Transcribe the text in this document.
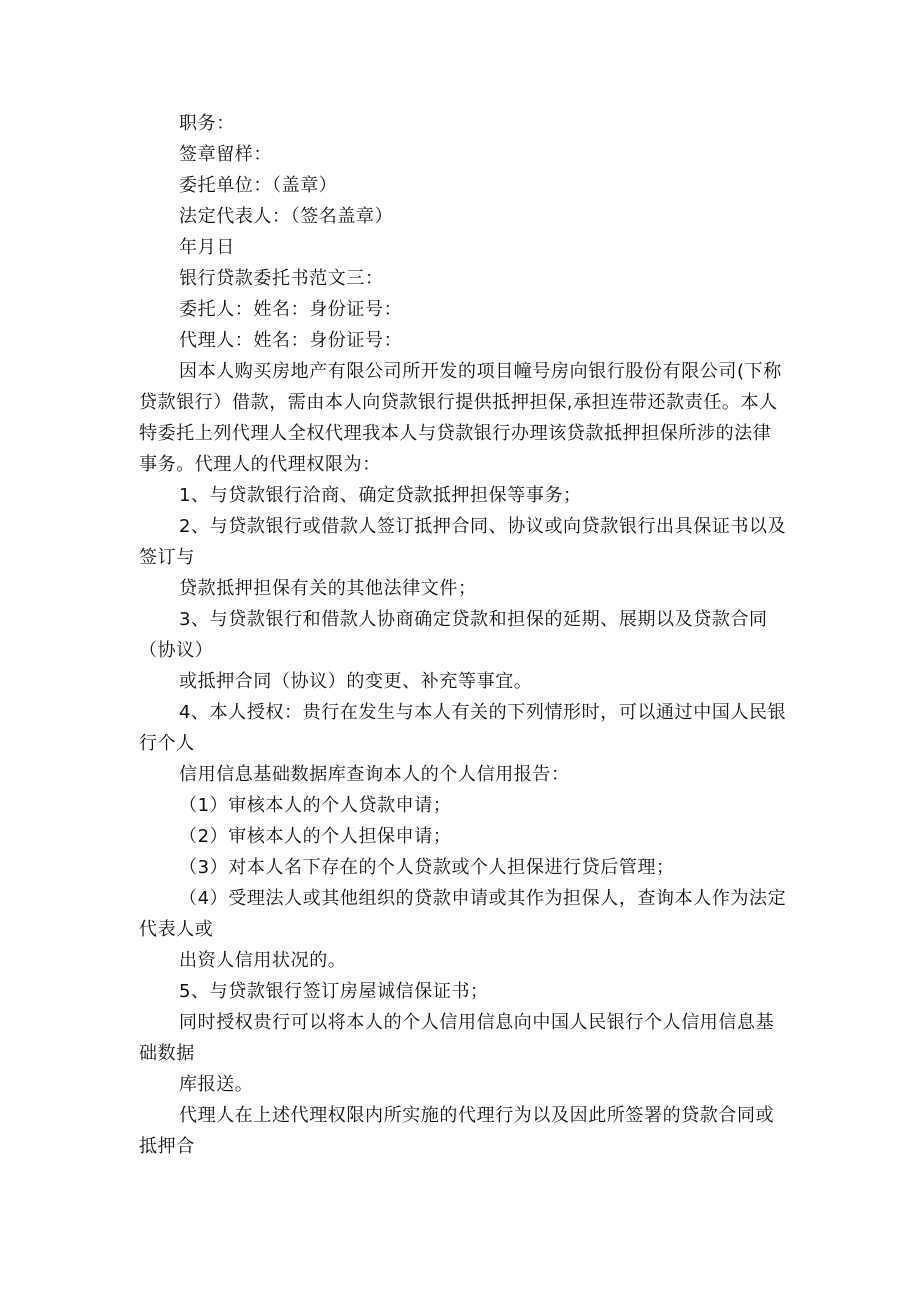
职务：

签章留样：

委托单位：（盖章）

法定代表人：（签名盖章）

年月日

银行贷款委托书范文三：

委托人：姓名：身份证号：

代理人：姓名：身份证号：

因本人购买房地产有限公司所开发的项目幢号房向银行股份有限公司(下称贷款银行）借款，需由本人向贷款银行提供抵押担保,承担连带还款责任。本人特委托上列代理人全权代理我本人与贷款银行办理该贷款抵押担保所涉的法律事务。代理人的代理权限为：

1、与贷款银行洽商、确定贷款抵押担保等事务；

2、与贷款银行或借款人签订抵押合同、协议或向贷款银行出具保证书以及签订与

贷款抵押担保有关的其他法律文件；

3、与贷款银行和借款人协商确定贷款和担保的延期、展期以及贷款合同（协议）

或抵押合同（协议）的变更、补充等事宜。

4、本人授权：贵行在发生与本人有关的下列情形时，可以通过中国人民银行个人

信用信息基础数据库查询本人的个人信用报告：

（1）审核本人的个人贷款申请；

（2）审核本人的个人担保申请；

（3）对本人名下存在的个人贷款或个人担保进行贷后管理；

（4）受理法人或其他组织的贷款申请或其作为担保人，查询本人作为法定代表人或

出资人信用状况的。

5、与贷款银行签订房屋诚信保证书；

同时授权贵行可以将本人的个人信用信息向中国人民银行个人信用信息基础数据

库报送。

代理人在上述代理权限内所实施的代理行为以及因此所签署的贷款合同或抵押合
